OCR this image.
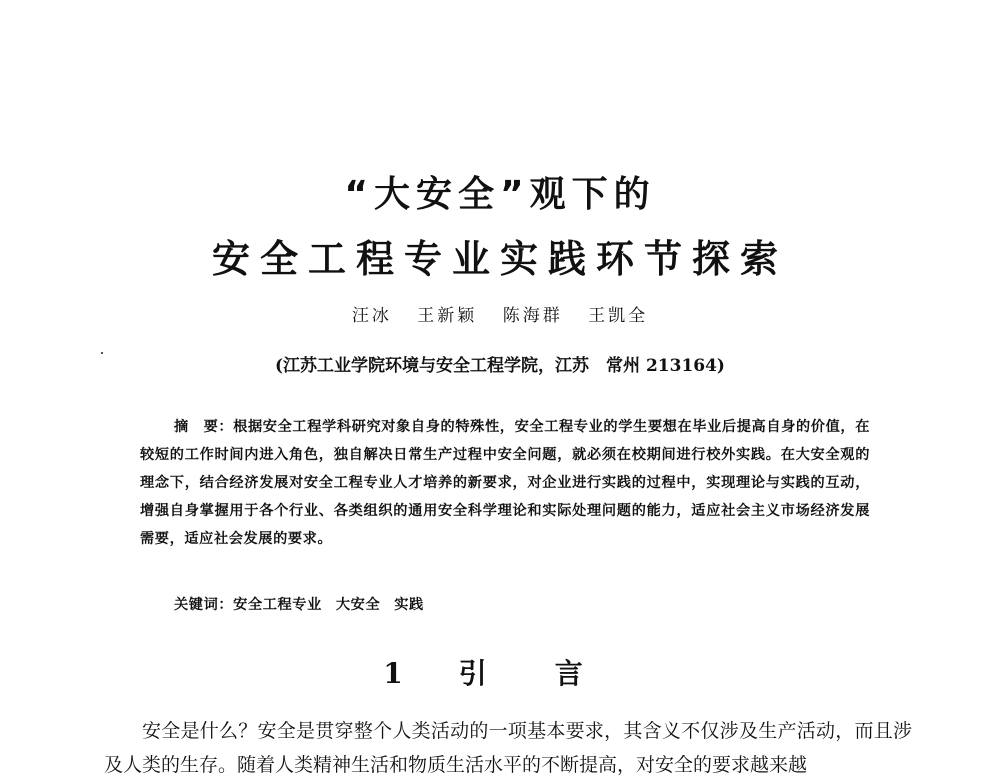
“大安全”观下的
安全工程专业实践环节探索
汪冰 王新颖 陈海群 王凯全
(江苏工业学院环境与安全工程学院，江苏　常州 213164)
摘　要：根据安全工程学科研究对象自身的特殊性，安全工程专业的学生要想在毕业后提高自身的价值，在较短的工作时间内进入角色，独自解决日常生产过程中安全问题，就必须在校期间进行校外实践。在大安全观的理念下，结合经济发展对安全工程专业人才培养的新要求，对企业进行实践的过程中，实现理论与实践的互动，增强自身掌握用于各个行业、各类组织的通用安全科学理论和实际处理问题的能力，适应社会主义市场经济发展需要，适应社会发展的要求。
关键词：安全工程专业 大安全 实践
1 引 言
安全是什么？安全是贯穿整个人类活动的一项基本要求，其含义不仅涉及生产活动，而且涉及人类的生存。随着人类精神生活和物质生活水平的不断提高，对安全的要求越来越
